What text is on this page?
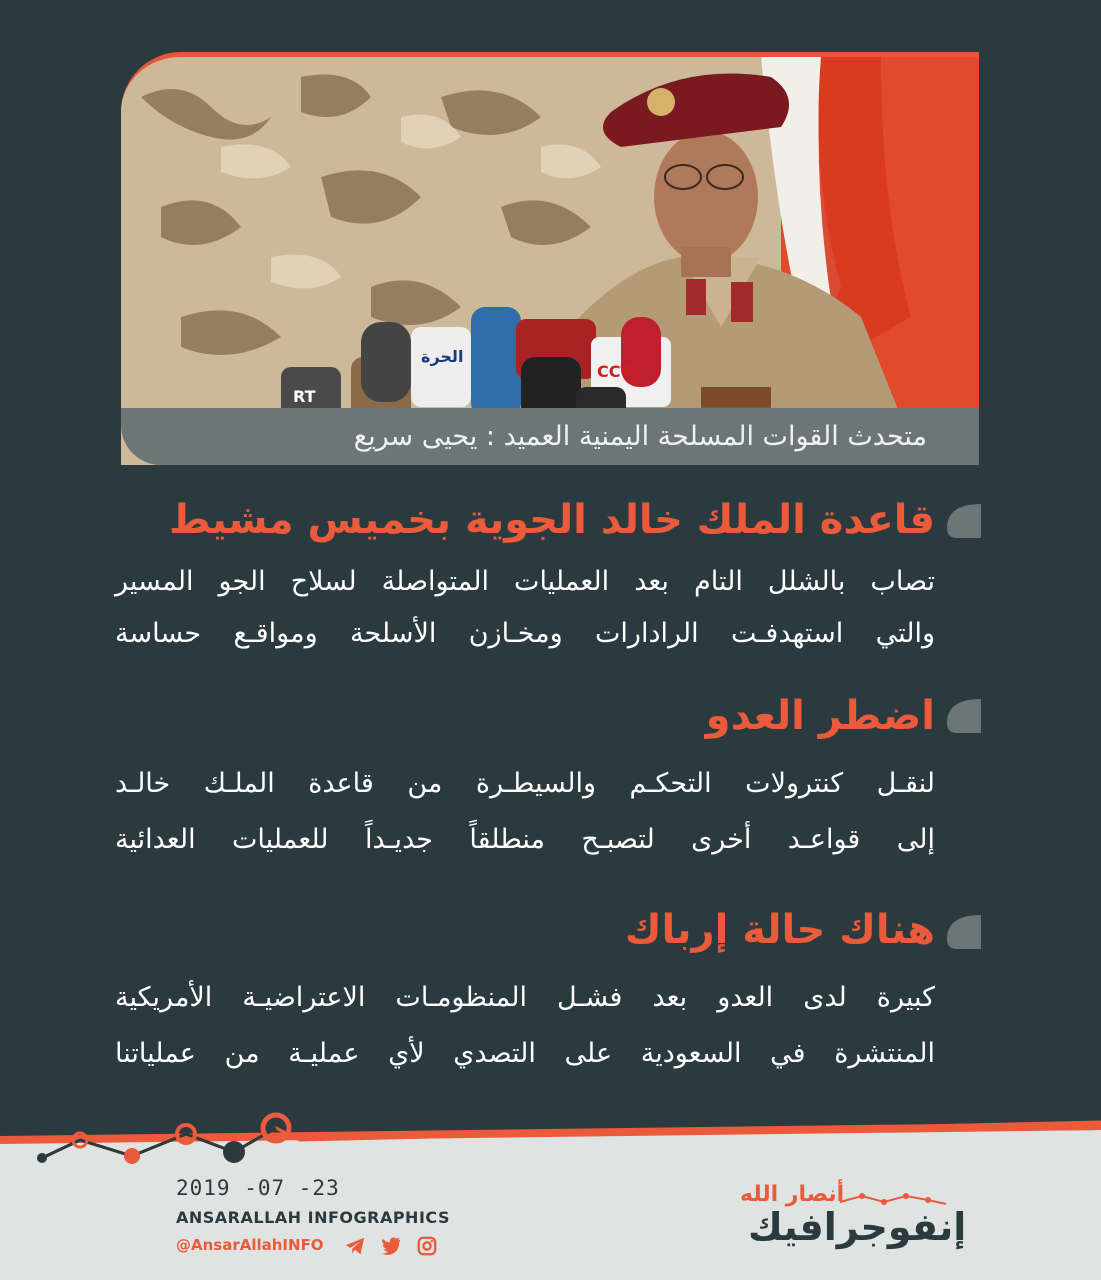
RT
الحرة
CCTV
متحدث القوات المسلحة اليمنية العميد : يحيى سريع
قاعدة الملك خالد الجوية بخميس مشيط
تصاب بالشلل التام بعد العمليات المتواصلة لسلاح الجو المسير
والتي استهدفـت الرادارات ومخـازن الأسلحة ومواقـع حساسة
اضطر العدو
لنقـل كنترولات التحكـم والسيطـرة من قاعدة الملـك خالـد
إلى قواعـد أخرى لتصبـح منطلقاً جديـداً للعمليات العدائية
هناك حالة إرباك
كبيرة لدى العدو بعد فشـل المنظومـات الاعتراضيـة الأمريكية
المنتشرة في السعودية على التصدي لأي عمليـة من عملياتنا
2019 -07 -23
ANSARALLAH INFOGRAPHICS
@AnsarAllahINFO
أنصار الله
إنفوجرافيك
